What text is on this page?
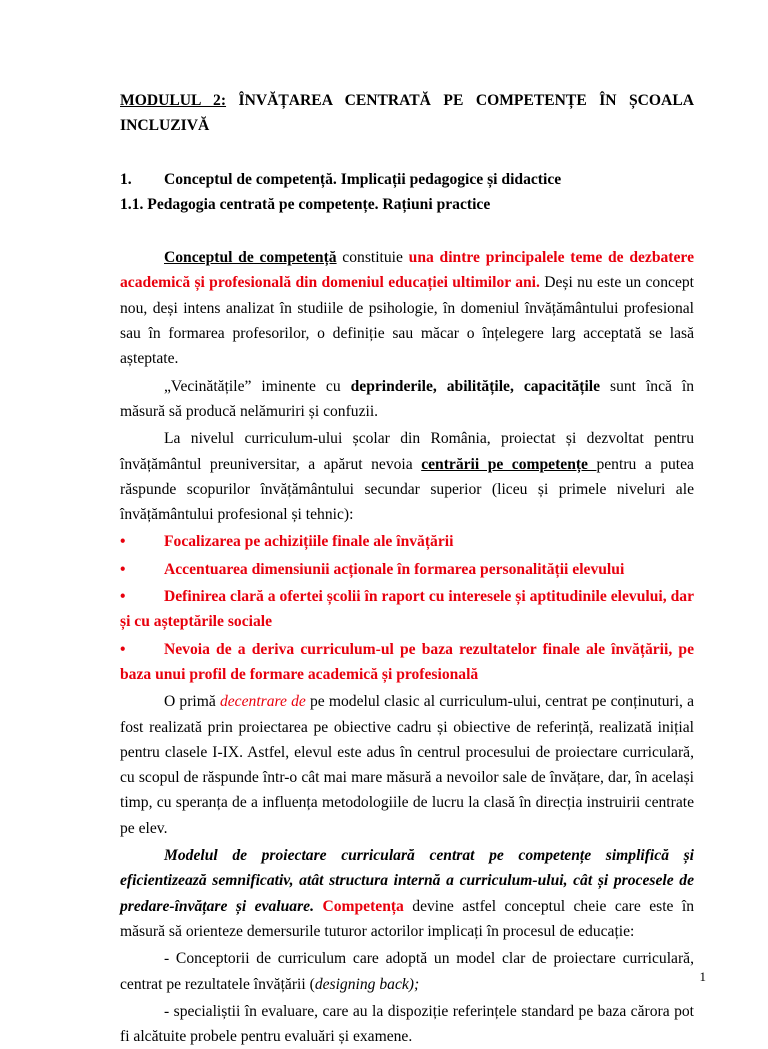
MODULUL 2: ÎNVĂȚAREA CENTRATĂ PE COMPETENȚE ÎN ȘCOALA INCLUZIVĂ
1.	Conceptul de competență. Implicații pedagogice și didactice
1.1. Pedagogia centrată pe competențe. Rațiuni practice

Conceptul de competență constituie una dintre principalele teme de dezbatere academică și profesională din domeniul educației ultimilor ani. Deși nu este un concept nou, deși intens analizat în studiile de psihologie, în domeniul învățământului profesional sau în formarea profesorilor, o definiție sau măcar o înțelegere larg acceptată se lasă așteptate.

„Vecinătățile” iminente cu deprinderile, abilitățile, capacitățile sunt încă în măsură să producă nelămuriri și confuzii.

La nivelul curriculum-ului școlar din România, proiectat și dezvoltat pentru învățământul preuniversitar, a apărut nevoia centrării pe competențe pentru a putea răspunde scopurilor învățământului secundar superior (liceu și primele niveluri ale învățământului profesional și tehnic):

• Focalizarea pe achizițiile finale ale învățării
• Accentuarea dimensiunii acționale în formarea personalității elevului
• Definirea clară a ofertei școlii în raport cu interesele și aptitudinile elevului, dar și cu așteptările sociale
• Nevoia de a deriva curriculum-ul pe baza rezultatelor finale ale învățării, pe baza unui profil de formare academică și profesională

O primă decentrare de pe modelul clasic al curriculum-ului, centrat pe conținuturi, a fost realizată prin proiectarea pe obiective cadru și obiective de referință, realizată inițial pentru clasele I-IX. Astfel, elevul este adus în centrul procesului de proiectare curriculară, cu scopul de răspunde într-o cât mai mare măsură a nevoilor sale de învățare, dar, în același timp, cu speranța de a influența metodologiile de lucru la clasă în direcția instruirii centrate pe elev.

Modelul de proiectare curriculară centrat pe competențe simplifică și eficientizează semnificativ, atât structura internă a curriculum-ului, cât și procesele de predare-învățare și evaluare. Competența devine astfel conceptul cheie care este în măsură să orienteze demersurile tuturor actorilor implicați în procesul de educație:

- Conceptorii de curriculum care adoptă un model clar de proiectare curriculară, centrat pe rezultatele învățării (designing back);

- specialiștii în evaluare, care au la dispoziție referințele standard pe baza cărora pot fi alcătuite probele pentru evaluări și examene.

1
